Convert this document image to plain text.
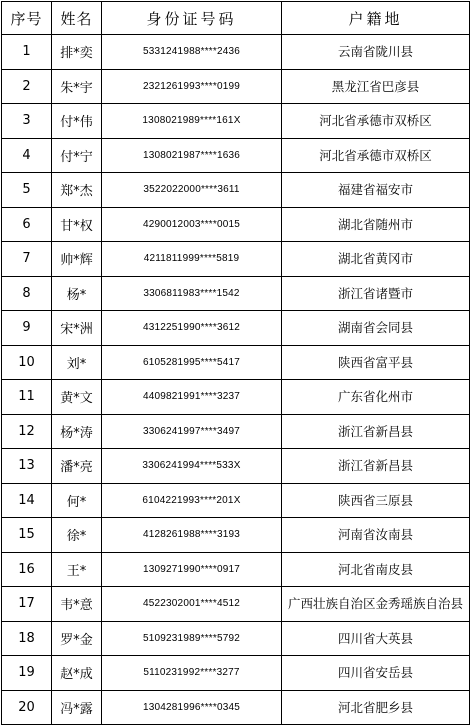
序号	姓名	身份证号码	户籍地
1	排*奕	5331241988****2436	云南省陇川县
2	朱*宇	2321261993****0199	黑龙江省巴彦县
3	付*伟	1308021989****161X	河北省承德市双桥区
4	付*宁	1308021987****1636	河北省承德市双桥区
5	郑*杰	3522022000****3611	福建省福安市
6	甘*权	4290012003****0015	湖北省随州市
7	帅*辉	4211811999****5819	湖北省黄冈市
8	杨*	3306811983****1542	浙江省诸暨市
9	宋*洲	4312251990****3612	湖南省会同县
10	刘*	6105281995****5417	陕西省富平县
11	黄*文	4409821991****3237	广东省化州市
12	杨*涛	3306241997****3497	浙江省新昌县
13	潘*亮	3306241994****533X	浙江省新昌县
14	何*	6104221993****201X	陕西省三原县
15	徐*	4128261988****3193	河南省汝南县
16	王*	1309271990****0917	河北省南皮县
17	韦*意	4522302001****4512	广西壮族自治区金秀瑶族自治县
18	罗*金	5109231989****5792	四川省大英县
19	赵*成	5110231992****3277	四川省安岳县
20	冯*露	1304281996****0345	河北省肥乡县
